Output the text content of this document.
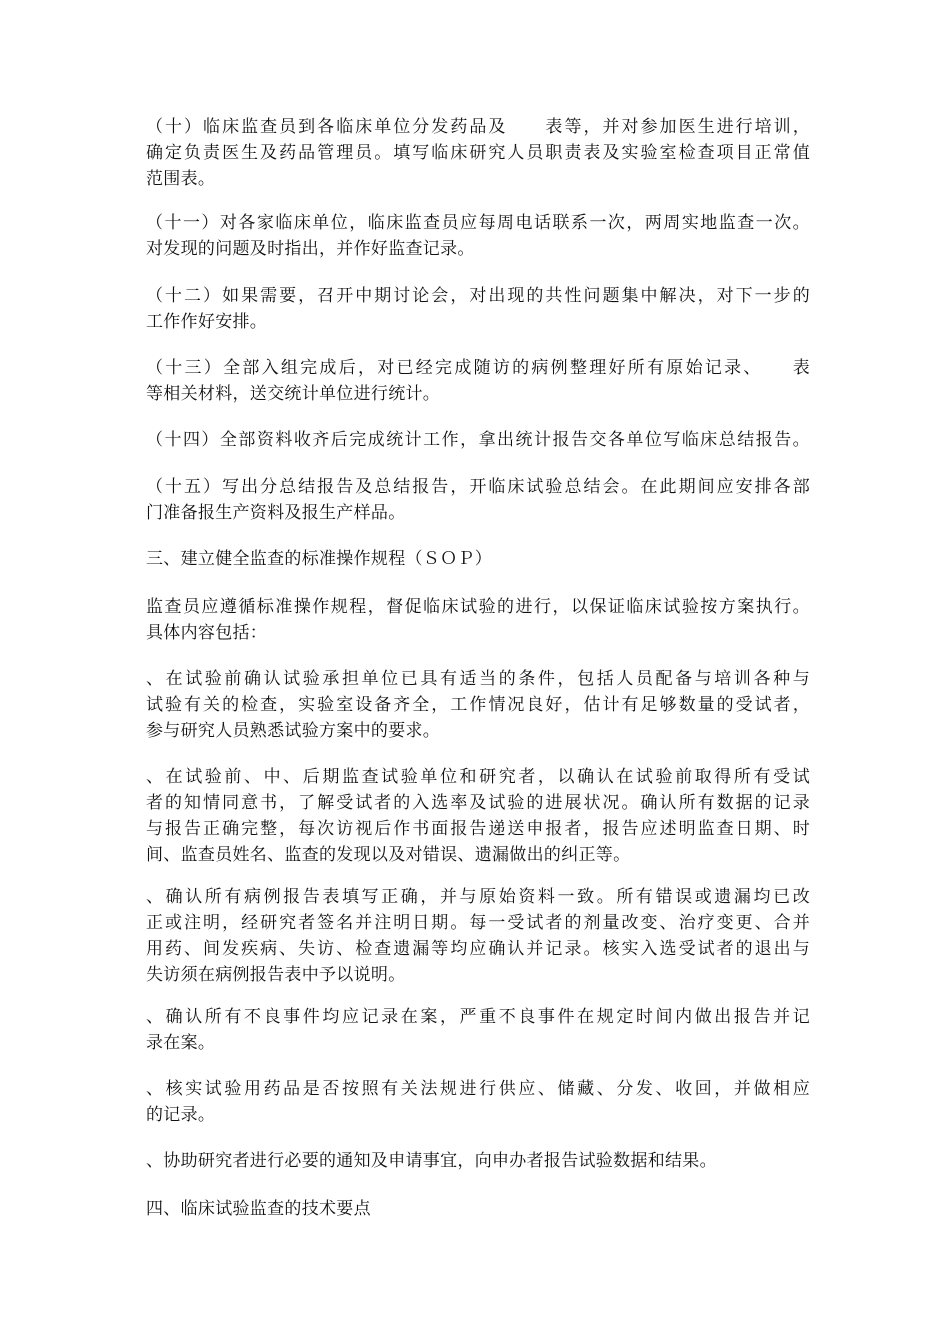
（十）临床监查员到各临床单位分发药品及　　表等，并对参加医生进行培训，
确定负责医生及药品管理员。填写临床研究人员职责表及实验室检查项目正常值
范围表。

（十一）对各家临床单位，临床监查员应每周电话联系一次，两周实地监查一次。
对发现的问题及时指出，并作好监查记录。

（十二）如果需要，召开中期讨论会，对出现的共性问题集中解决，对下一步的
工作作好安排。

（十三）全部入组完成后，对已经完成随访的病例整理好所有原始记录、　　表
等相关材料，送交统计单位进行统计。

（十四）全部资料收齐后完成统计工作，拿出统计报告交各单位写临床总结报告。

（十五）写出分总结报告及总结报告，开临床试验总结会。在此期间应安排各部
门准备报生产资料及报生产样品。

三、建立健全监查的标准操作规程（ＳＯＰ）

监查员应遵循标准操作规程，督促临床试验的进行，以保证临床试验按方案执行。
具体内容包括：

、在试验前确认试验承担单位已具有适当的条件，包括人员配备与培训各种与
试验有关的检查，实验室设备齐全，工作情况良好，估计有足够数量的受试者，
参与研究人员熟悉试验方案中的要求。

、在试验前、中、后期监查试验单位和研究者，以确认在试验前取得所有受试
者的知情同意书，了解受试者的入选率及试验的进展状况。确认所有数据的记录
与报告正确完整，每次访视后作书面报告递送申报者，报告应述明监查日期、时
间、监查员姓名、监查的发现以及对错误、遗漏做出的纠正等。

、确认所有病例报告表填写正确，并与原始资料一致。所有错误或遗漏均已改
正或注明，经研究者签名并注明日期。每一受试者的剂量改变、治疗变更、合并
用药、间发疾病、失访、检查遗漏等均应确认并记录。核实入选受试者的退出与
失访须在病例报告表中予以说明。

、确认所有不良事件均应记录在案，严重不良事件在规定时间内做出报告并记
录在案。

、核实试验用药品是否按照有关法规进行供应、储藏、分发、收回，并做相应
的记录。

、协助研究者进行必要的通知及申请事宜，向申办者报告试验数据和结果。

四、临床试验监查的技术要点
